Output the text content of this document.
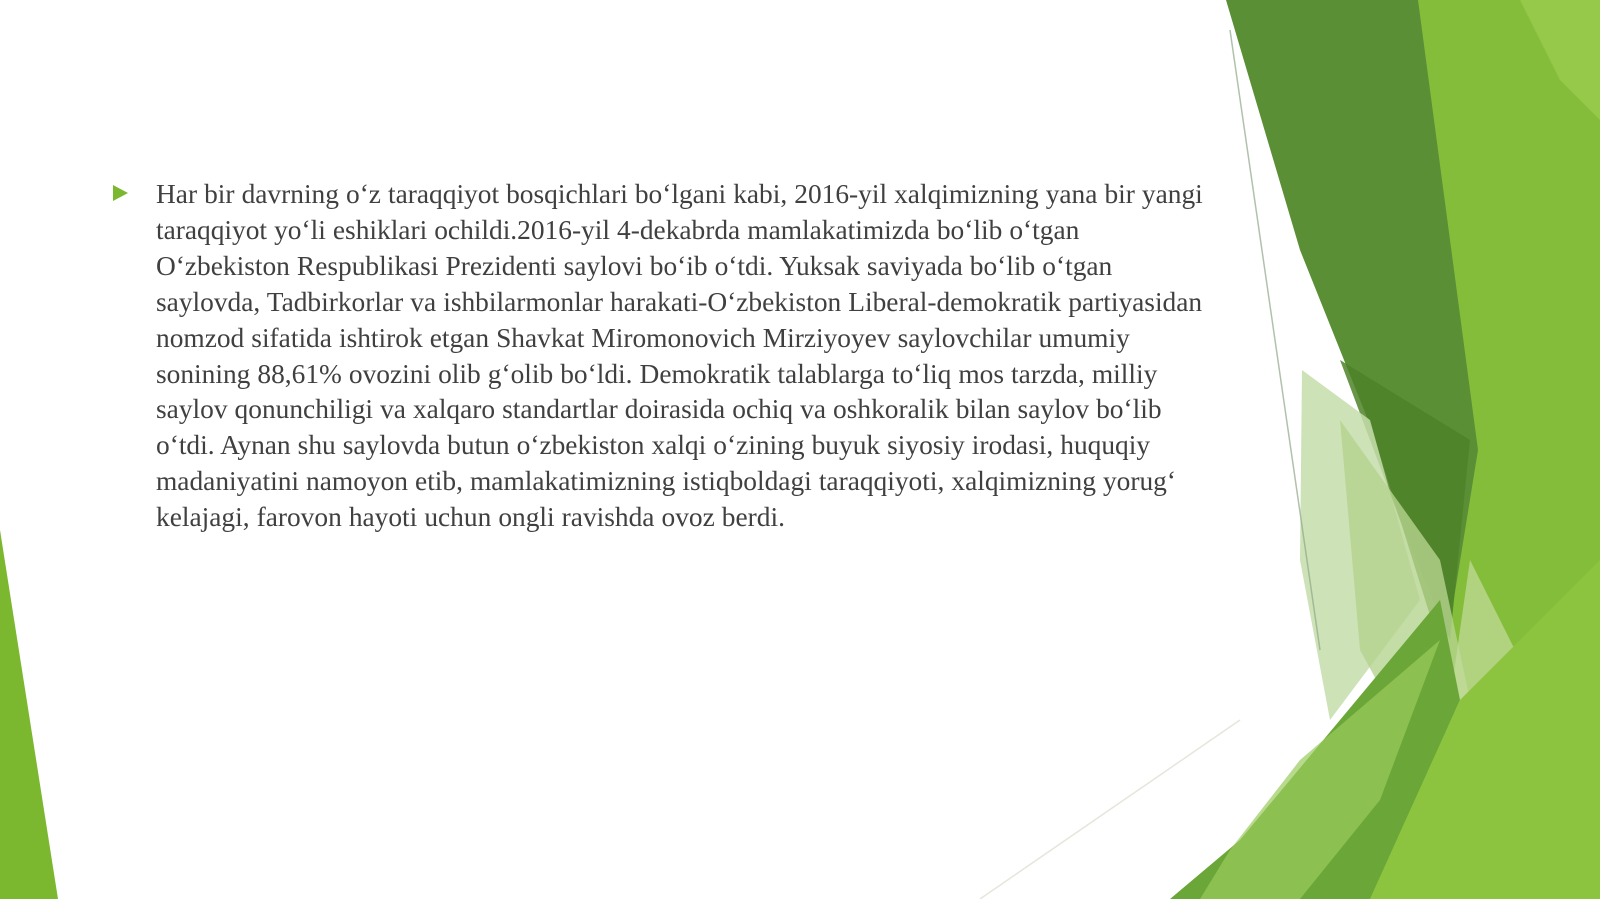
Har bir davrning o‘z taraqqiyot bosqichlari bo‘lgani kabi, 2016-yil xalqimizning yana bir yangi taraqqiyot yo‘li eshiklari ochildi.2016-yil 4-dekabrda mamlakatimizda bo‘lib o‘tgan O‘zbekiston Respublikasi Prezidenti saylovi bo‘ib o‘tdi. Yuksak saviyada bo‘lib o‘tgan saylovda, Tadbirkorlar va ishbilarmonlar harakati-O‘zbekiston Liberal-demokratik partiyasidan nomzod sifatida ishtirok etgan Shavkat Miromonovich Mirziyoyev saylovchilar umumiy sonining 88,61% ovozini olib g‘olib bo‘ldi. Demokratik talablarga to‘liq mos tarzda, milliy saylov qonunchiligi va xalqaro standartlar doirasida ochiq va oshkoralik bilan saylov bo‘lib o‘tdi. Aynan shu saylovda butun o‘zbekiston xalqi o‘zining buyuk siyosiy irodasi, huquqiy madaniyatini namoyon etib, mamlakatimizning istiqboldagi taraqqiyoti, xalqimizning yorug‘ kelajagi, farovon hayoti uchun ongli ravishda ovoz berdi.
